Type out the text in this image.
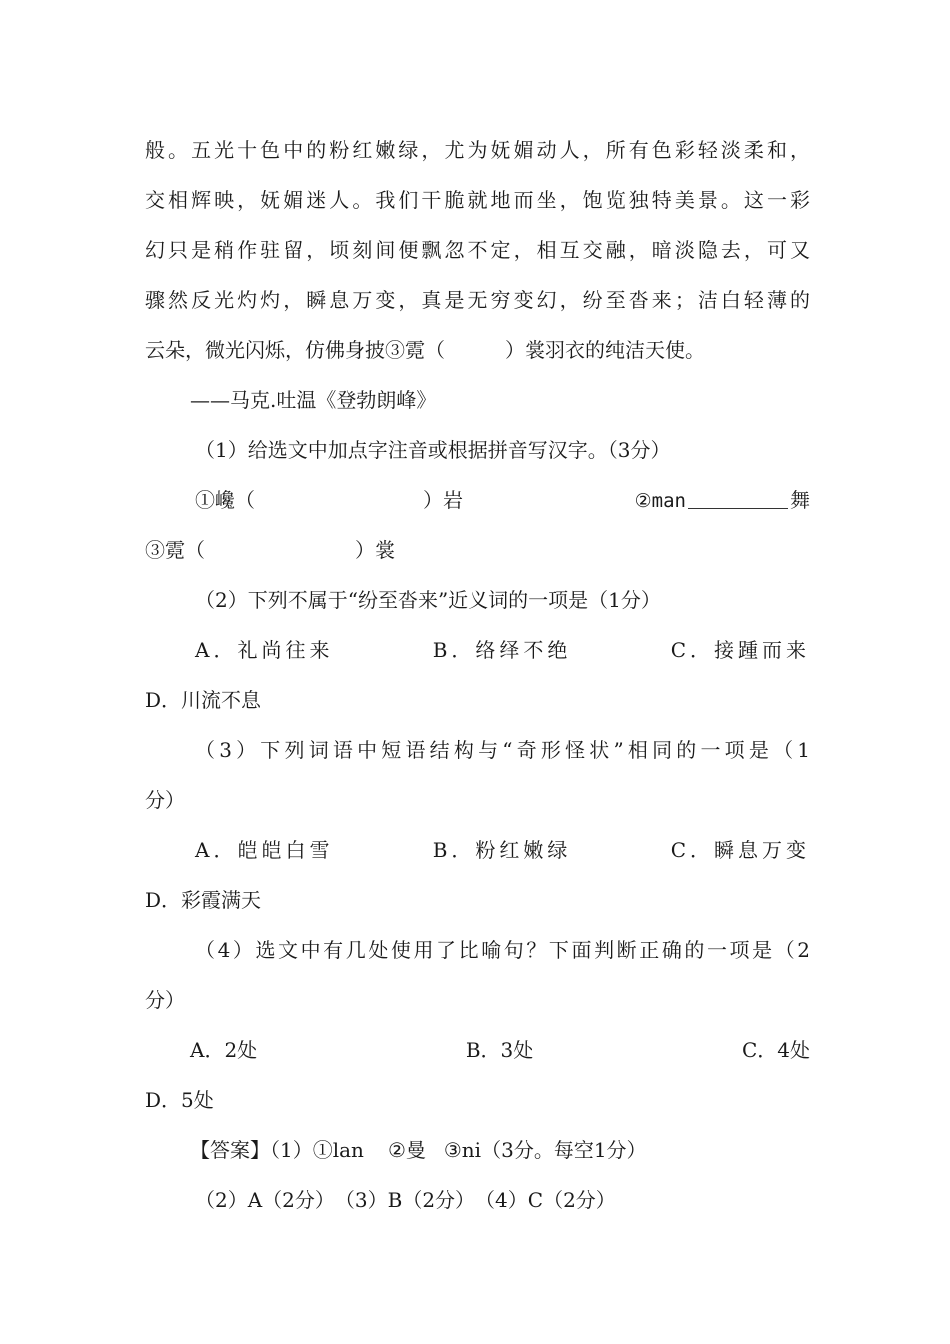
般。五光十色中的粉红嫩绿，尤为妩媚动人，所有色彩轻淡柔和，
交相辉映，妩媚迷人。我们干脆就地而坐，饱览独特美景。这一彩
幻只是稍作驻留，顷刻间便飘忽不定，相互交融，暗淡隐去，可又
骤然反光灼灼，瞬息万变，真是无穷变幻，纷至沓来；洁白轻薄的
云朵，微光闪烁，仿佛身披③霓（	）裳羽衣的纯洁天使。
——马克.吐温《登勃朗峰》
（1）给选文中加点字注音或根据拼音写汉字。（3分）
①巉（	）岩	②man	舞
③霓（	）裳
（2）下列不属于“纷至沓来”近义词的一项是（1分）
A．礼尚往来	B．络绎不绝	C．接踵而来
D．川流不息
（3）下列词语中短语结构与“奇形怪状”相同的一项是（1
分）
A．皑皑白雪	B．粉红嫩绿	C．瞬息万变
D．彩霞满天
（4）选文中有几处使用了比喻句？下面判断正确的一项是（2
分）
A．2处	B．3处	C．4处
D．5处
【答案】（1）①lan ②曼 ③ni（3分。每空1分）
（2）A（2分）　（3）B（2分）　（4）C（2分）
